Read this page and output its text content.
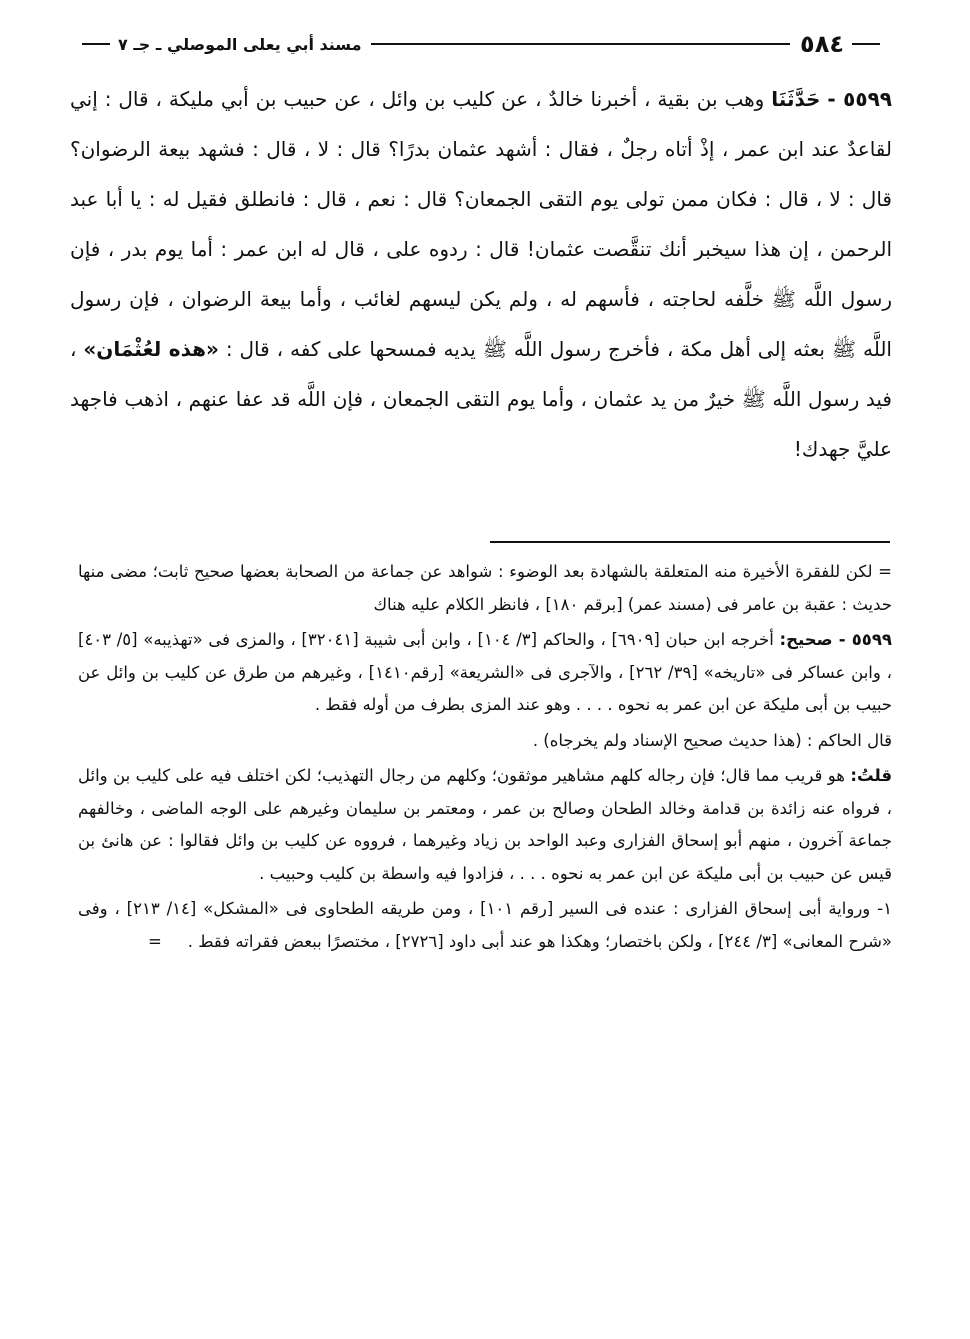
٥٨٤
مسند أبي يعلى الموصلي ـ جـ ٧

٥٥٩٩ - حَدَّثَنَا وهب بن بقية ، أخبرنا خالدٌ ، عن كليب بن وائل ، عن حبيب بن أبي مليكة ، قال : إني لقاعدٌ عند ابن عمر ، إذْ أتاه رجلٌ ، فقال : أشهد عثمان بدرًا؟ قال : لا ، قال : فشهد بيعة الرضوان؟ قال : لا ، قال : فكان ممن تولى يوم التقى الجمعان؟ قال : نعم ، قال : فانطلق فقيل له : يا أبا عبد الرحمن ، إن هذا سيخبر أنك تنقَّصت عثمان! قال : ردوه على ، قال له ابن عمر : أما يوم بدر ، فإن رسول اللَّه ﷺ خلَّفه لحاجته ، فأسهم له ، ولم يكن ليسهم لغائب ، وأما بيعة الرضوان ، فإن رسول اللَّه ﷺ بعثه إلى أهل مكة ، فأخرج رسول اللَّه ﷺ يديه فمسحها على كفه ، قال : «هذه لعُثْمَان» ، فيد رسول اللَّه ﷺ خيرٌ من يد عثمان ، وأما يوم التقى الجمعان ، فإن اللَّه قد عفا عنهم ، اذهب فاجهد عليَّ جهدك!

= لكن للفقرة الأخيرة منه المتعلقة بالشهادة بعد الوضوء : شواهد عن جماعة من الصحابة بعضها صحيح ثابت؛ مضى منها حديث : عقبة بن عامر فى (مسند عمر) [برقم ١٨٠] ، فانظر الكلام عليه هناك

٥٥٩٩ - صحيح: أخرجه ابن حبان [٦٩٠٩] ، والحاكم [٣/ ١٠٤] ، وابن أبى شيبة [٣٢٠٤١] ، والمزى فى «تهذيبه» [٥/ ٤٠٣] ، وابن عساكر فى «تاريخه» [٣٩/ ٢٦٢] ، والآجرى فى «الشريعة» [رقم١٤١٠] ، وغيرهم من طرق عن كليب بن وائل عن حبيب بن أبى مليكة عن ابن عمر به نحوه . . . . وهو عند المزى بطرف من أوله فقط .

قال الحاكم : (هذا حديث صحيح الإسناد ولم يخرجاه) .

قلتُ: هو قريب مما قال؛ فإن رجاله كلهم مشاهير موثقون؛ وكلهم من رجال التهذيب؛ لكن اختلف فيه على كليب بن وائل ، فرواه عنه زائدة بن قدامة وخالد الطحان وصالح بن عمر ، ومعتمر بن سليمان وغيرهم على الوجه الماضى ، وخالفهم جماعة آخرون ، منهم أبو إسحاق الفزارى وعبد الواحد بن زياد وغيرهما ، فرووه عن كليب بن وائل فقالوا : عن هانئ بن قيس عن حبيب بن أبى مليكة عن ابن عمر به نحوه . . . ، فزادوا فيه واسطة بن كليب وحبيب .

١- ورواية أبى إسحاق الفزارى : عنده فى السير [رقم ١٠١] ، ومن طريقه الطحاوى فى «المشكل» [١٤/ ٢١٣] ، وفى «شرح المعانى» [٣/ ٢٤٤] ، ولكن باختصار؛ وهكذا هو عند أبى داود [٢٧٢٦] ، مختصرًا ببعض فقراته فقط .
=
